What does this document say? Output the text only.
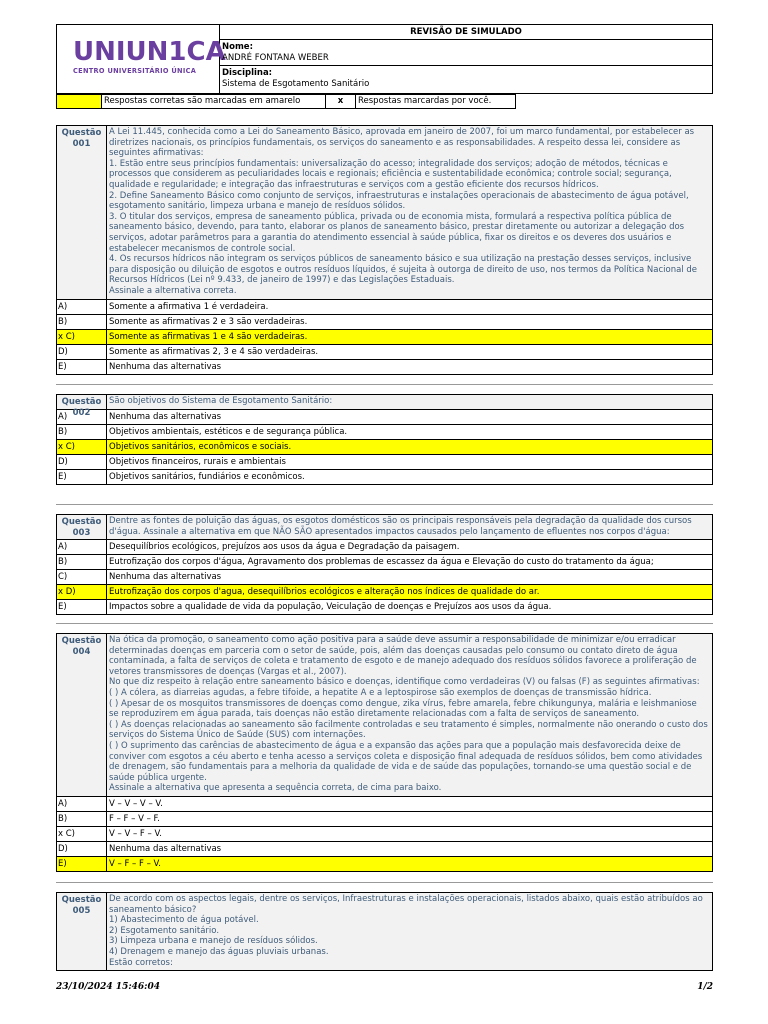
UNIUN1CA
CENTRO UNIVERSITÁRIO ÚNICA
REVISÃO DE SIMULADO
Nome:
ANDRÉ FONTANA WEBER
Disciplina:
Sistema de Esgotamento Sanitário
Respostas corretas são marcadas em amarelo	x	Respostas marcardas por você.
Questão
001
A Lei 11.445, conhecida como a Lei do Saneamento Básico, aprovada em janeiro de 2007, foi um marco fundamental, por estabelecer as diretrizes nacionais, os princípios fundamentais, os serviços do saneamento e as responsabilidades. A respeito dessa lei, considere as seguintes afirmativas:
1. Estão entre seus princípios fundamentais: universalização do acesso; integralidade dos serviços; adoção de métodos, técnicas e processos que considerem as peculiaridades locais e regionais; eficiência e sustentabilidade econômica; controle social; segurança, qualidade e regularidade; e integração das infraestruturas e serviços com a gestão eficiente dos recursos hídricos.
2. Define Saneamento Básico como conjunto de serviços, infraestruturas e instalações operacionais de abastecimento de água potável, esgotamento sanitário, limpeza urbana e manejo de resíduos sólidos.
3. O titular dos serviços, empresa de saneamento pública, privada ou de economia mista, formulará a respectiva política pública de saneamento básico, devendo, para tanto, elaborar os planos de saneamento básico, prestar diretamente ou autorizar a delegação dos serviços, adotar parâmetros para a garantia do atendimento essencial à saúde pública, fixar os direitos e os deveres dos usuários e estabelecer mecanismos de controle social.
4. Os recursos hídricos não integram os serviços públicos de saneamento básico e sua utilização na prestação desses serviços, inclusive para disposição ou diluição de esgotos e outros resíduos líquidos, é sujeita à outorga de direito de uso, nos termos da Política Nacional de Recursos Hídricos (Lei nº 9.433, de janeiro de 1997) e das Legislações Estaduais.
Assinale a alternativa correta.
A)	Somente a afirmativa 1 é verdadeira.
B)	Somente as afirmativas 2 e 3 são verdadeiras.
x C)	Somente as afirmativas 1 e 4 são verdadeiras.
D)	Somente as afirmativas 2, 3 e 4 são verdadeiras.
E)	Nenhuma das alternativas
Questão
002
São objetivos do Sistema de Esgotamento Sanitário:
A)	Nenhuma das alternativas
B)	Objetivos ambientais, estéticos e de segurança pública.
x C)	Objetivos sanitários, econômicos e sociais.
D)	Objetivos financeiros, rurais e ambientais
E)	Objetivos sanitários, fundiários e econômicos.
Questão
003
Dentre as fontes de poluição das águas, os esgotos domésticos são os principais responsáveis pela degradação da qualidade dos cursos d'água. Assinale a alternativa em que NÃO SÃO apresentados impactos causados pelo lançamento de efluentes nos corpos d'água:
A)	Desequilíbrios ecológicos, prejuízos aos usos da água e Degradação da paisagem.
B)	Eutrofização dos corpos d'água, Agravamento dos problemas de escassez da água e Elevação do custo do tratamento da água;
C)	Nenhuma das alternativas
x D)	Eutrofização dos corpos d'agua, desequilíbrios ecológicos e alteração nos índices de qualidade do ar.
E)	Impactos sobre a qualidade de vida da população, Veiculação de doenças e Prejuízos aos usos da água.
Questão
004
Na ótica da promoção, o saneamento como ação positiva para a saúde deve assumir a responsabilidade de minimizar e/ou erradicar determinadas doenças em parceria com o setor de saúde, pois, além das doenças causadas pelo consumo ou contato direto de água contaminada, a falta de serviços de coleta e tratamento de esgoto e de manejo adequado dos resíduos sólidos favorece a proliferação de vetores transmissores de doenças (Vargas et al., 2007).
No que diz respeito à relação entre saneamento básico e doenças, identifique como verdadeiras (V) ou falsas (F) as seguintes afirmativas:
( ) A cólera, as diarreias agudas, a febre tifoide, a hepatite A e a leptospirose são exemplos de doenças de transmissão hídrica.
( ) Apesar de os mosquitos transmissores de doenças como dengue, zika vírus, febre amarela, febre chikungunya, malária e leishmaniose se reproduzirem em água parada, tais doenças não estão diretamente relacionadas com a falta de serviços de saneamento.
( ) As doenças relacionadas ao saneamento são facilmente controladas e seu tratamento é simples, normalmente não onerando o custo dos serviços do Sistema Único de Saúde (SUS) com internações.
( ) O suprimento das carências de abastecimento de água e a expansão das ações para que a população mais desfavorecida deixe de conviver com esgotos a céu aberto e tenha acesso a serviços coleta e disposição final adequada de resíduos sólidos, bem como atividades de drenagem, são fundamentais para a melhoria da qualidade de vida e de saúde das populações, tornando-se uma questão social e de saúde pública urgente.
Assinale a alternativa que apresenta a sequência correta, de cima para baixo.
A)	V – V – V – V.
B)	F – F – V – F.
x C)	V – V – F – V.
D)	Nenhuma das alternativas
E)	V – F – F – V.
Questão
005
De acordo com os aspectos legais, dentre os serviços, Infraestruturas e instalações operacionais, listados abaixo, quais estão atribuídos ao saneamento básico?
1) Abastecimento de água potável.
2) Esgotamento sanitário.
3) Limpeza urbana e manejo de resíduos sólidos.
4) Drenagem e manejo das águas pluviais urbanas.
Estão corretos:
23/10/2024 15:46:04	1/2
